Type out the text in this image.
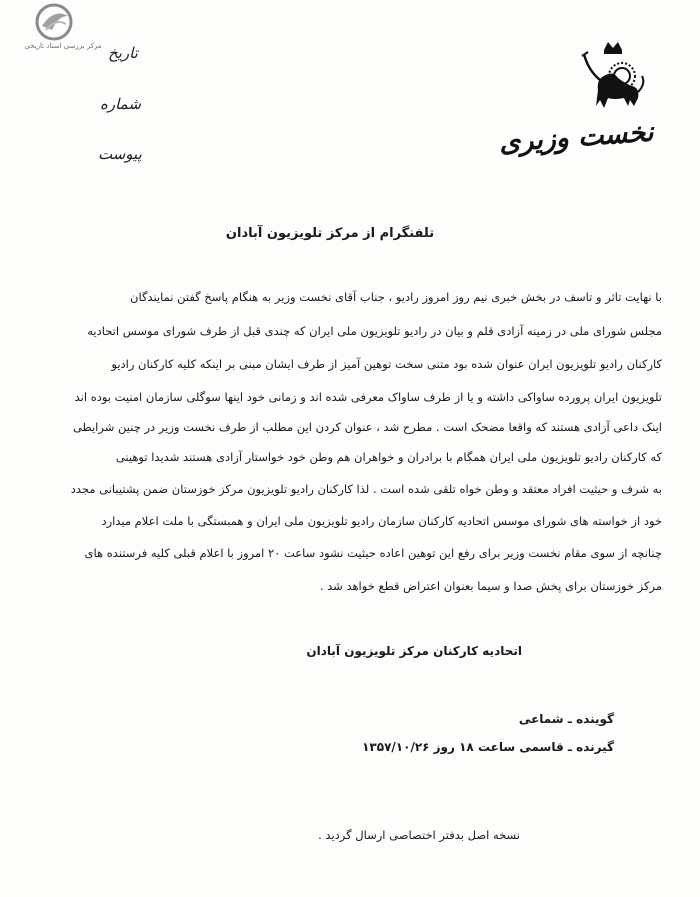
مرکز بررسی اسناد تاریخی تاریخ
شماره
پیوست	نخست وزیری
تلفنگرام از مرکز تلویزیون آبادان
با نهایت تاثر و تاسف در بخش خبری نیم روز امروز رادیو ، جناب آقای نخست وزیر به هنگام پاسخ گفتن نمایندگان
مجلس شورای ملی در زمینه آزادی قلم و بیان در رادیو تلویزیون ملی ایران که چندی قبل از طرف شورای موسس اتحادیه
کارکنان رادیو تلویزیون ایران عنوان شده بود متنی سخت توهین آمیز از طرف ایشان مبنی بر اینکه کلیه کارکنان رادیو
تلویزیون ایران پرورده ساواکی داشته و یا از طرف ساواک معرفی شده اند و زمانی خود اینها سوگلی سازمان امنیت بوده اند
اینک داعی آزادی هستند که واقعا مضحک است . مطرح شد ، عنوان کردن این مطلب از طرف نخست وزیر در چنین شرایطی
که کارکنان رادیو تلویزیون ملی ایران همگام با برادران و خواهران هم وطن خود خواستار آزادی هستند شدیدا توهینی
به شرف و حیثیت افراد معتقد و وطن خواه تلقی شده است . لذا کارکنان رادیو تلویزیون مرکز خوزستان ضمن پشتیبانی مجدد
خود از خواسته های شورای موسس اتحادیه کارکنان سازمان رادیو تلویزیون ملی ایران و همبستگی با ملت اعلام میدارد
چنانچه از سوی مقام نخست وزیر برای رفع این توهین اعاده حیثیت نشود ساعت ۲۰ امروز با اعلام قبلی کلیه فرستنده های
مرکز خوزستان برای پخش صدا و سیما بعنوان اعتراض قطع خواهد شد .
اتحادیه کارکنان مرکز تلویزیون آبادان
گوینده ـ شماعی
گیرنده ـ قاسمی ساعت ۱۸ روز ۱۳۵۷/۱۰/۲۶
نسخه اصل بدفتر اختصاصی ارسال گردید .
